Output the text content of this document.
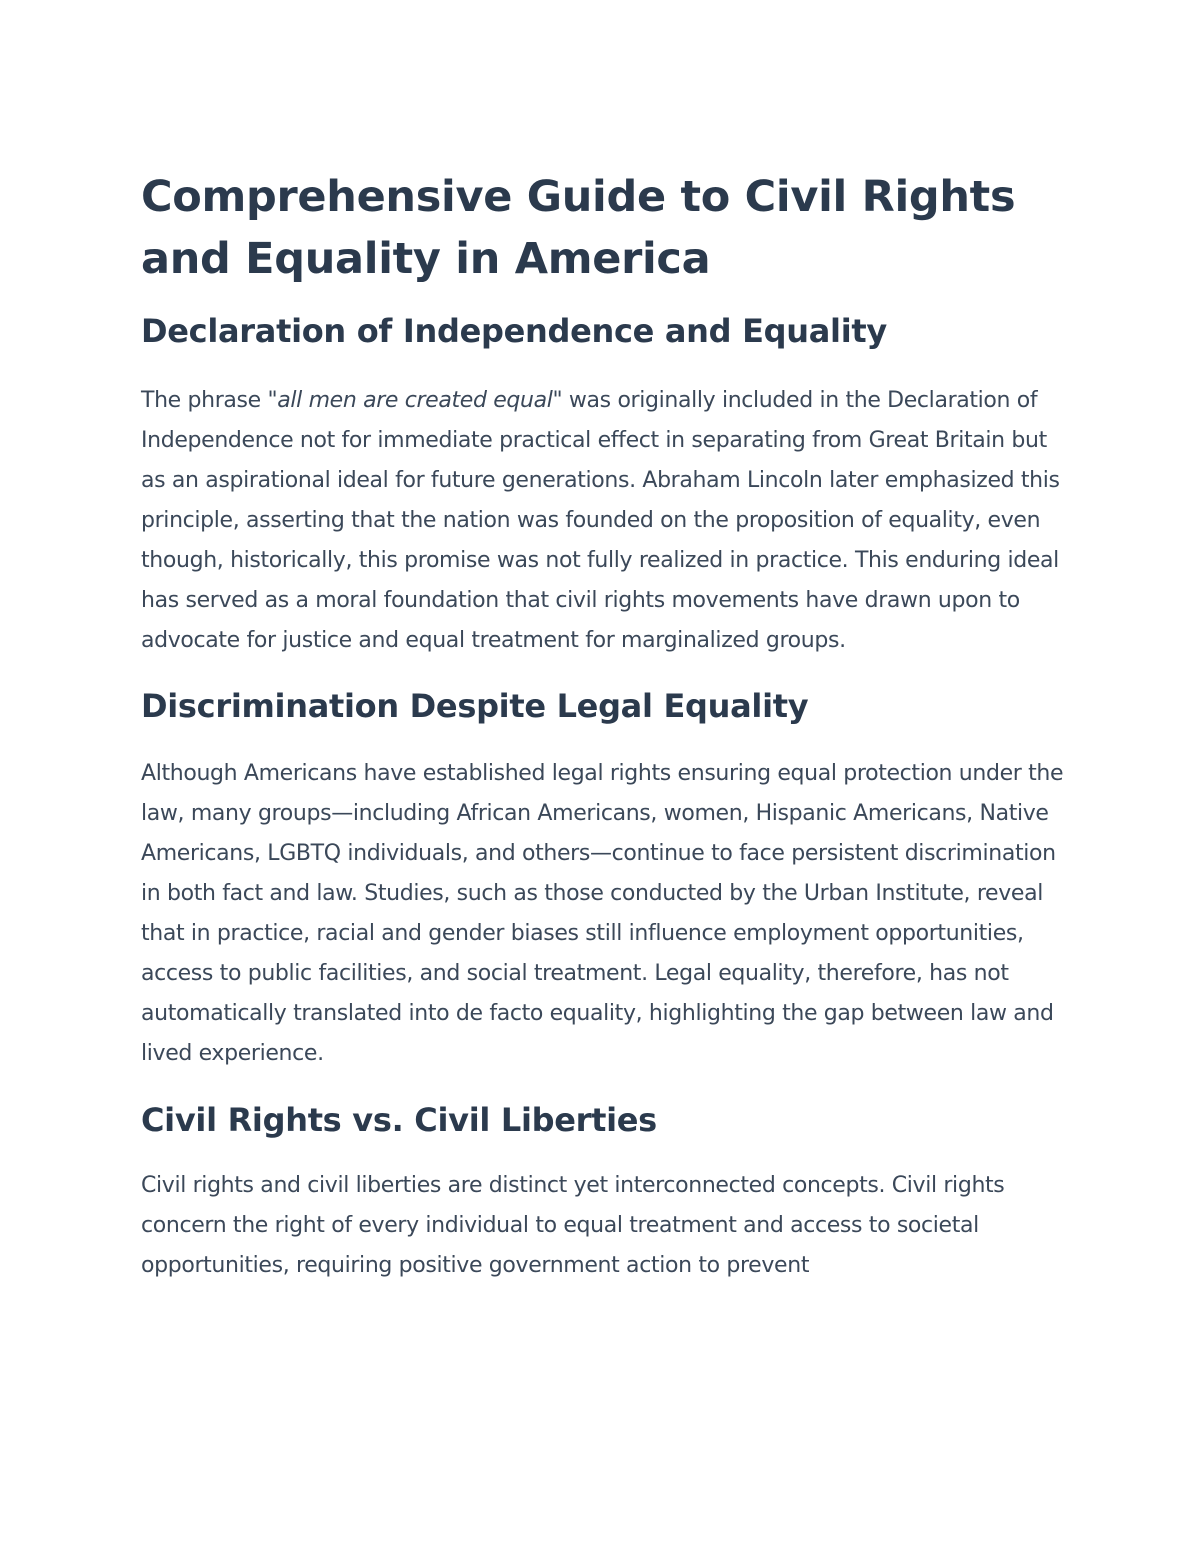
Comprehensive Guide to Civil Rights and Equality in America
Declaration of Independence and Equality

The phrase "all men are created equal" was originally included in the Declaration of Independence not for immediate practical effect in separating from Great Britain but as an aspirational ideal for future generations. Abraham Lincoln later emphasized this principle, asserting that the nation was founded on the proposition of equality, even though, historically, this promise was not fully realized in practice. This enduring ideal has served as a moral foundation that civil rights movements have drawn upon to advocate for justice and equal treatment for marginalized groups.

Discrimination Despite Legal Equality

Although Americans have established legal rights ensuring equal protection under the law, many groups—including African Americans, women, Hispanic Americans, Native Americans, LGBTQ individuals, and others—continue to face persistent discrimination in both fact and law. Studies, such as those conducted by the Urban Institute, reveal that in practice, racial and gender biases still influence employment opportunities, access to public facilities, and social treatment. Legal equality, therefore, has not automatically translated into de facto equality, highlighting the gap between law and lived experience.

Civil Rights vs. Civil Liberties

Civil rights and civil liberties are distinct yet interconnected concepts. Civil rights concern the right of every individual to equal treatment and access to societal opportunities, requiring positive government action to prevent
